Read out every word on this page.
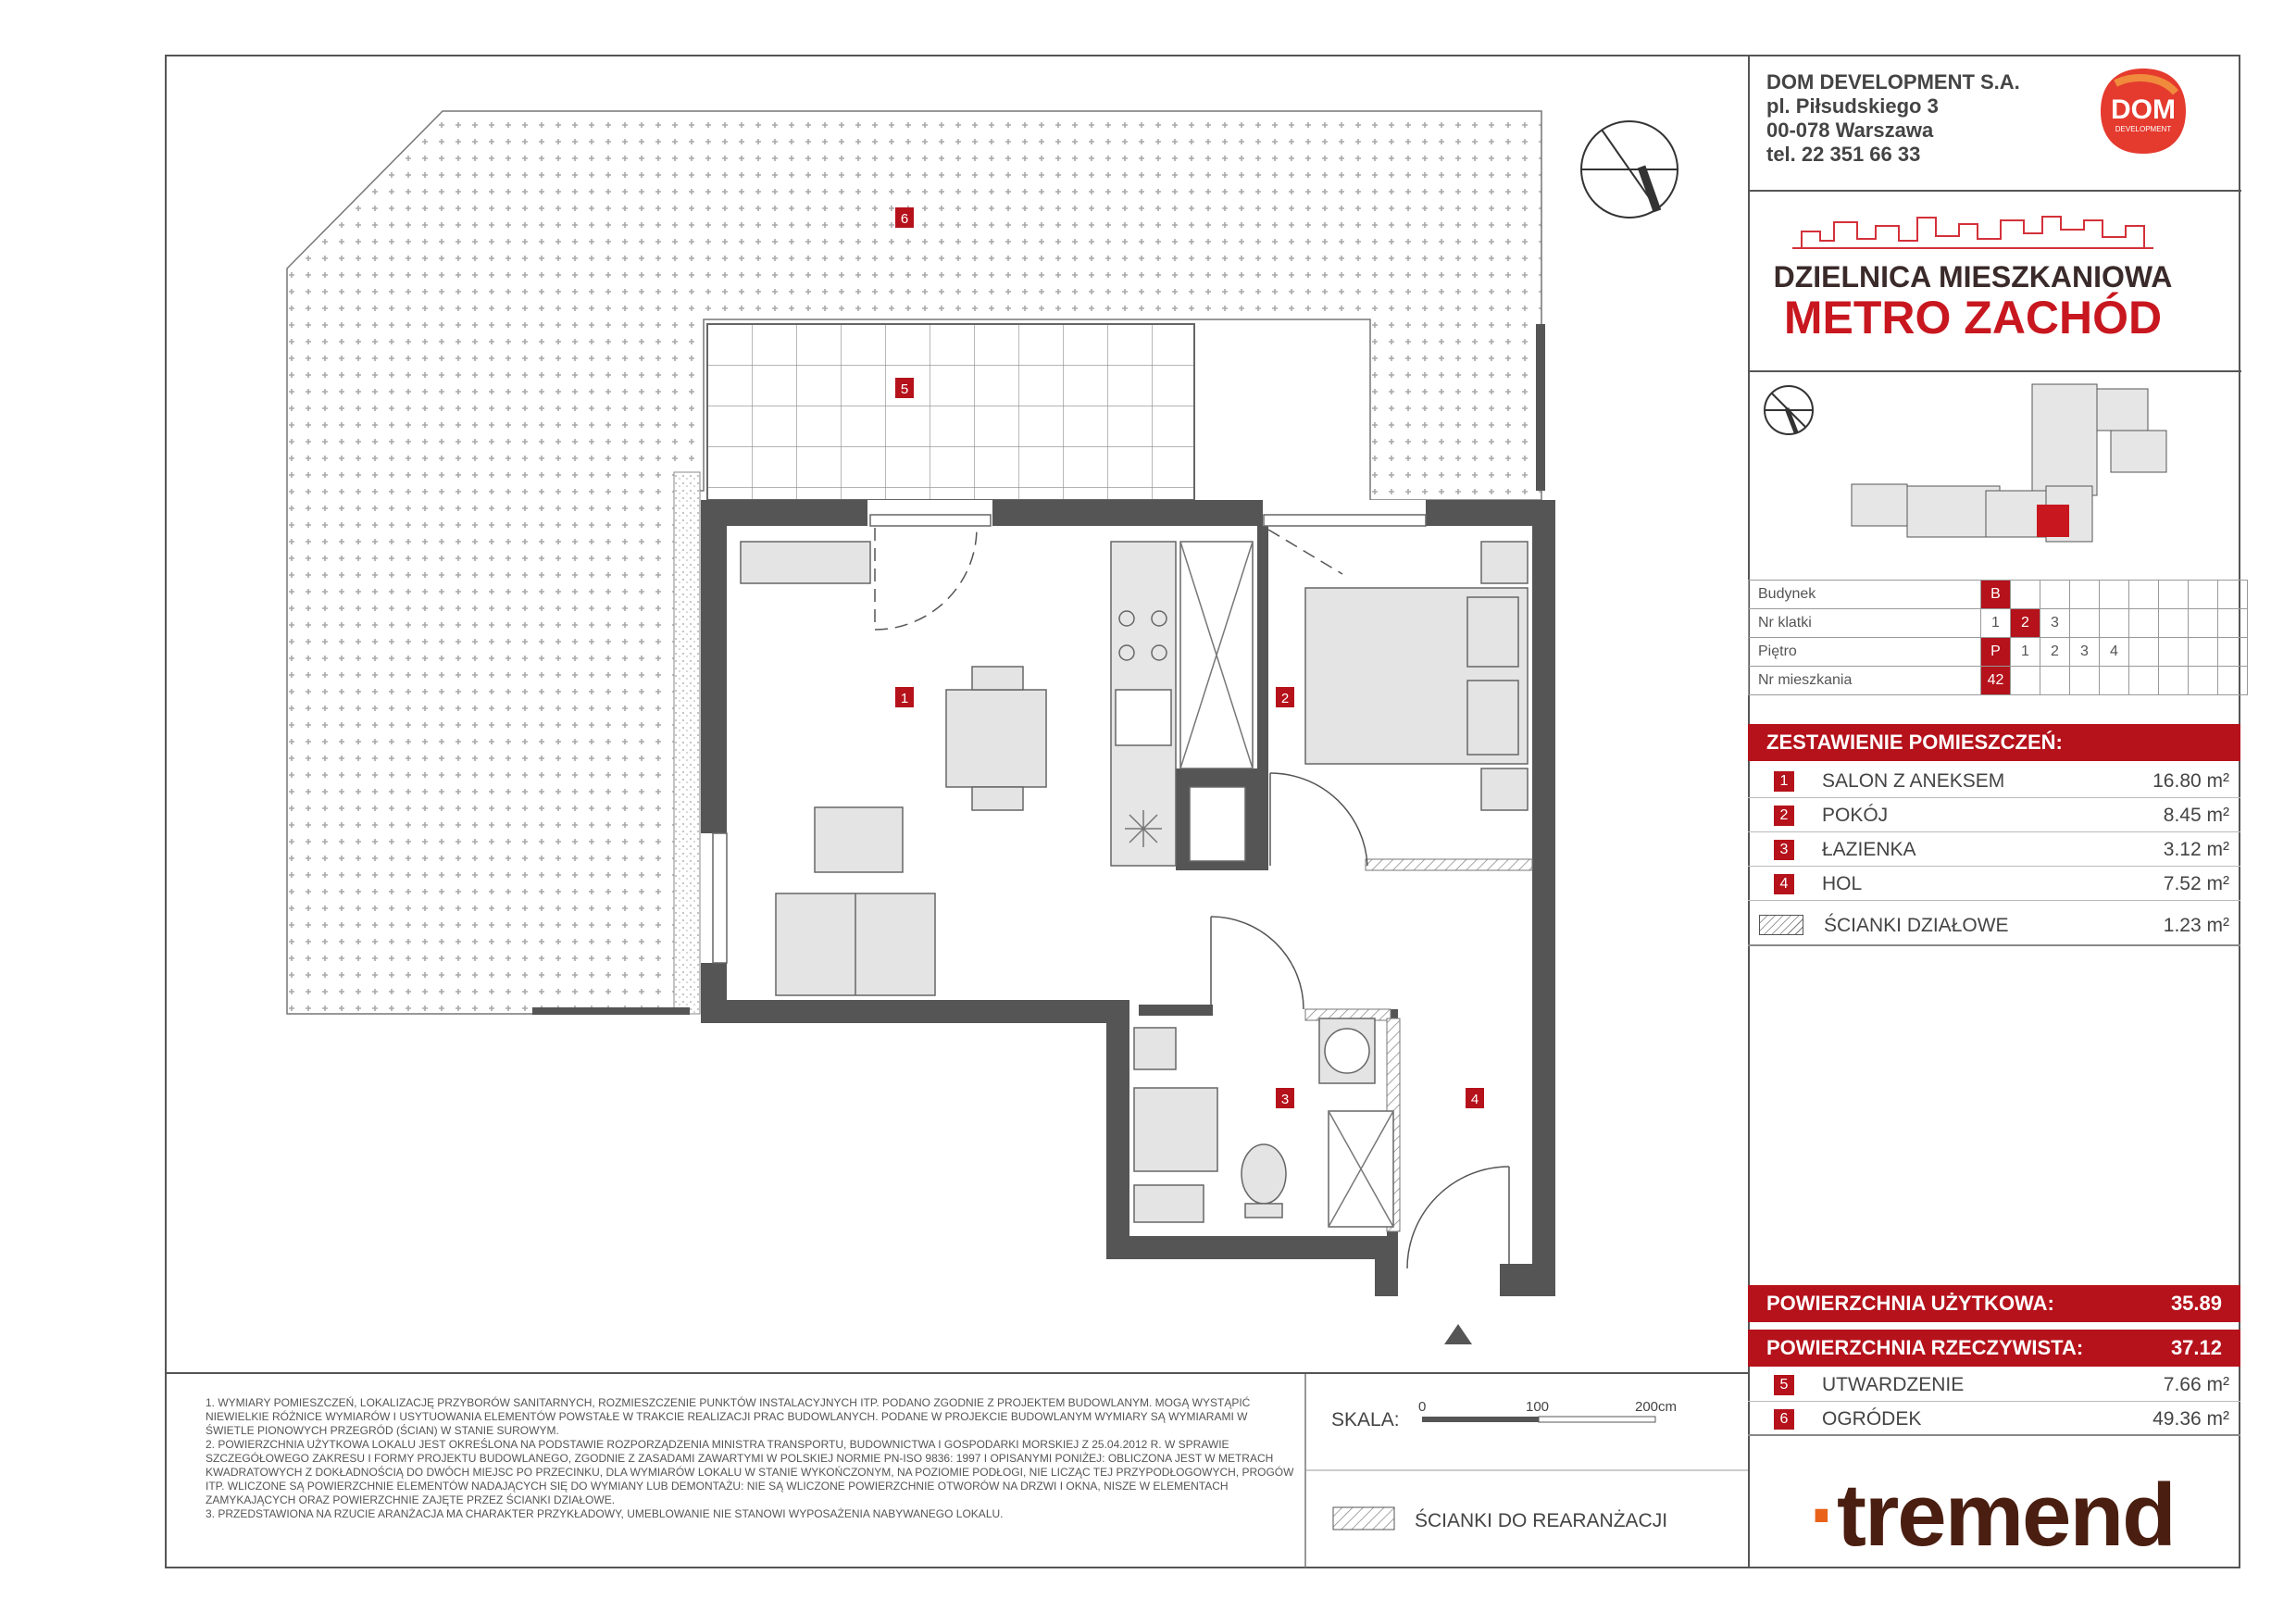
6
5
1	2
3	4
DOM DEVELOPMENT S.A.
pl. Piłsudskiego 3
00-078 Warszawa
tel. 22 351 66 33
DOM
DEVELOPMENT
DZIELNICA MIESZKANIOWA
METRO ZACHÓD
Budynek	B								
Nr klatki	1	2	3						
Piętro	P	1	2	3	4				
Nr mieszkania	42								
ZESTAWIENIE POMIESZCZEŃ:
1	SALON Z ANEKSEM	16.80 m²
2	POKÓJ	8.45 m²
3	ŁAZIENKA	3.12 m²
4	HOL	7.52 m²
ŚCIANKI DZIAŁOWE	1.23 m²
POWIERZCHNIA UŻYTKOWA:	35.89
POWIERZCHNIA RZECZYWISTA:	37.12
5	UTWARDZENIE	7.66 m²
6	OGRÓDEK	49.36 m²
·tremend

1. WYMIARY POMIESZCZEŃ, LOKALIZACJĘ PRZYBORÓW SANITARNYCH, ROZMIESZCZENIE PUNKTÓW INSTALACYJNYCH ITP. PODANO ZGODNIE Z PROJEKTEM BUDOWLANYM. MOGĄ WYSTĄPIĆ NIEWIELKIE RÓŻNICE WYMIARÓW I USYTUOWANIA ELEMENTÓW POWSTAŁE W TRAKCIE REALIZACJI PRAC BUDOWLANYCH. PODANE W PROJEKCIE BUDOWLANYM WYMIARY SĄ WYMIARAMI W ŚWIETLE PIONOWYCH PRZEGRÓD (ŚCIAN) W STANIE SUROWYM.

2. POWIERZCHNIA UŻYTKOWA LOKALU JEST OKREŚLONA NA PODSTAWIE ROZPORZĄDZENIA MINISTRA TRANSPORTU, BUDOWNICTWA I GOSPODARKI MORSKIEJ Z 25.04.2012 R. W SPRAWIE SZCZEGÓŁOWEGO ZAKRESU I FORMY PROJEKTU BUDOWLANEGO, ZGODNIE Z ZASADAMI ZAWARTYMI W POLSKIEJ NORMIE PN-ISO 9836: 1997 I OPISANYMI PONIŻEJ: OBLICZONA JEST W METRACH KWADRATOWYCH Z DOKŁADNOŚCIĄ DO DWÓCH MIEJSC PO PRZECINKU, DLA WYMIARÓW LOKALU W STANIE WYKOŃCZONYM, NA POZIOMIE PODŁOGI, NIE LICZĄC TEJ PRZYPODŁOGOWYCH, PROGÓW ITP. WLICZONE SĄ POWIERZCHNIE ELEMENTÓW NADAJĄCYCH SIĘ DO WYMIANY LUB DEMONTAŻU: NIE SĄ WLICZONE POWIERZCHNIE OTWORÓW NA DRZWI I OKNA, NISZE W ELEMENTACH ZAMYKAJĄCYCH ORAZ POWIERZCHNIE ZAJĘTE PRZEZ ŚCIANKI DZIAŁOWE.

3. PRZEDSTAWIONA NA RZUCIE ARANŻACJA MA CHARAKTER PRZYKŁADOWY, UMEBLOWANIE NIE STANOWI WYPOSAŻENIA NABYWANEGO LOKALU.

SKALA:
0	100	200cm
ŚCIANKI DO REARANŻACJI
